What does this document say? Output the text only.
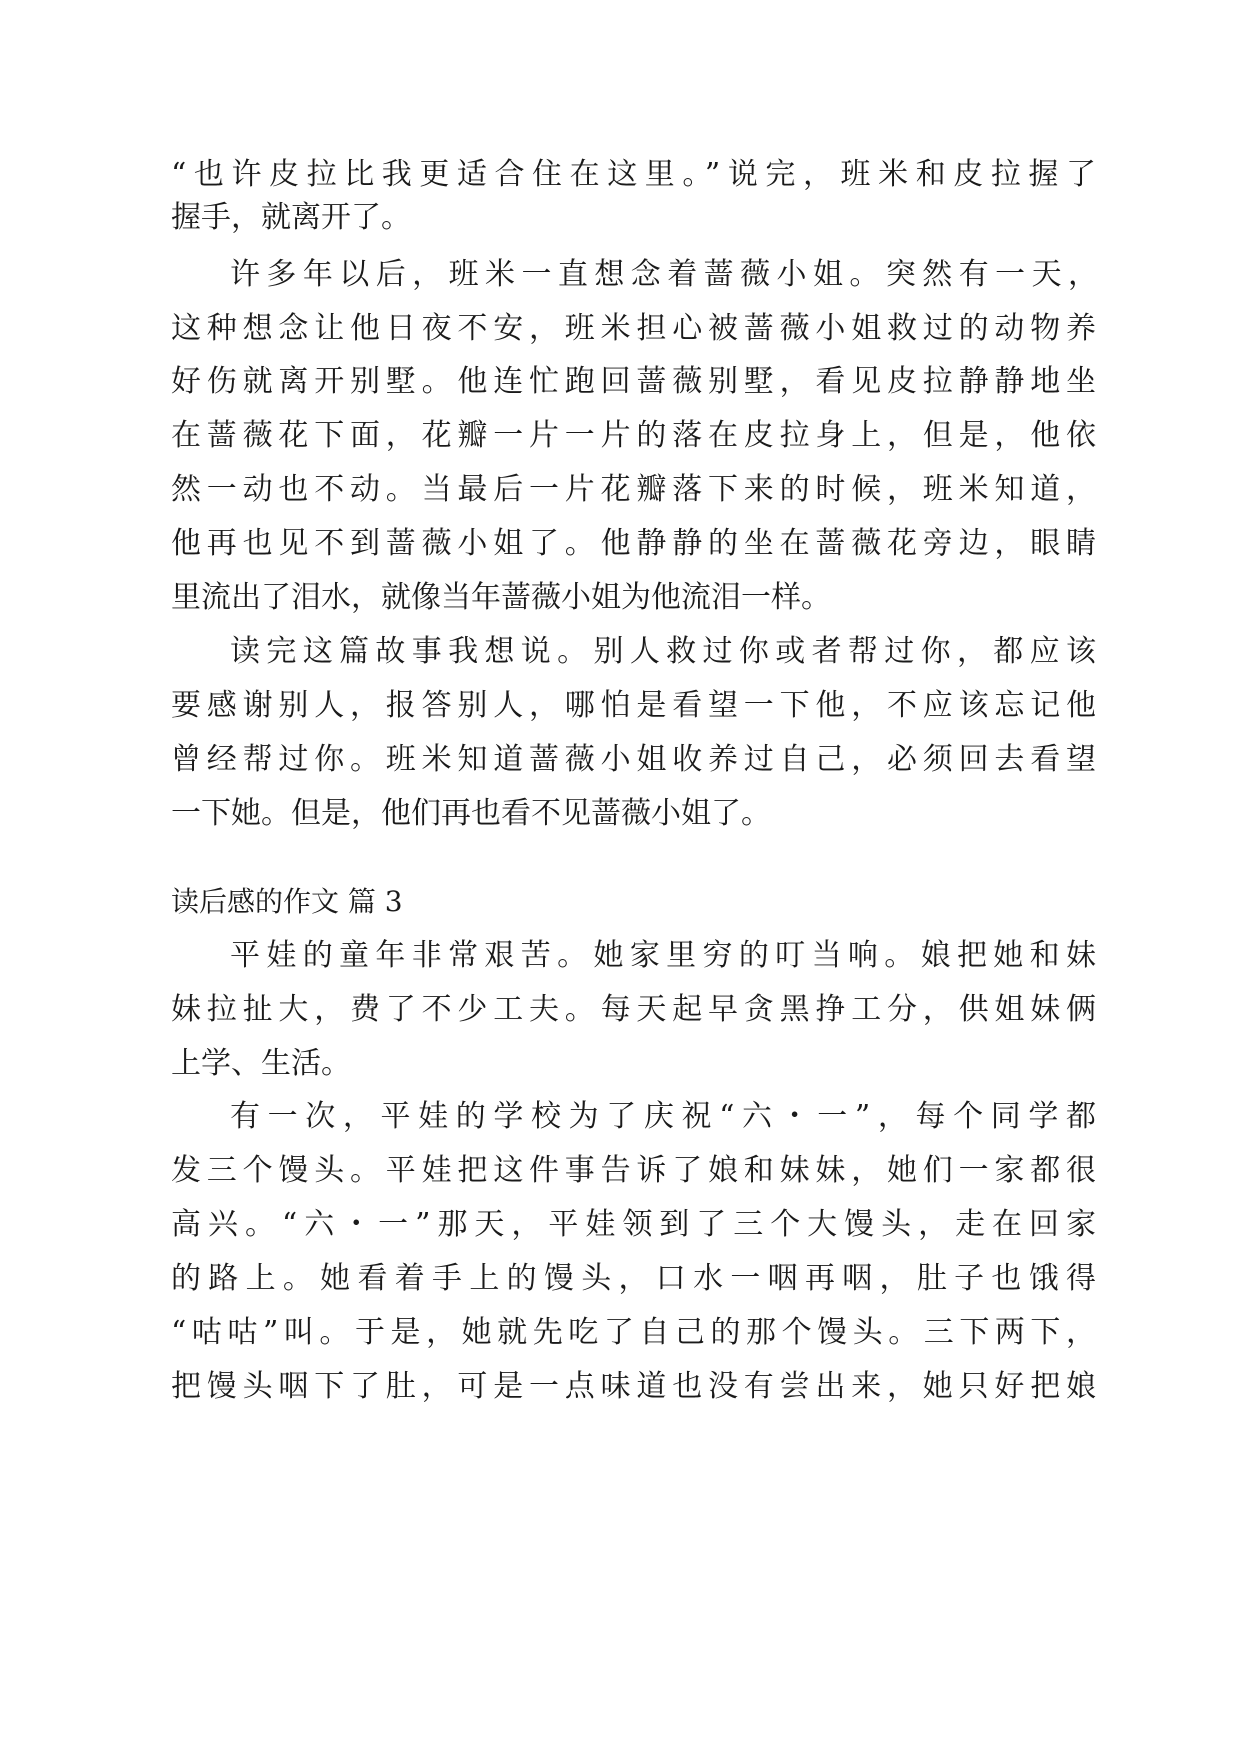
“也许皮拉比我更适合住在这里。”说完，班米和皮拉握了
握手，就离开了。
许多年以后，班米一直想念着蔷薇小姐。突然有一天，
这种想念让他日夜不安，班米担心被蔷薇小姐救过的动物养
好伤就离开别墅。他连忙跑回蔷薇别墅，看见皮拉静静地坐
在蔷薇花下面，花瓣一片一片的落在皮拉身上，但是，他依
然一动也不动。当最后一片花瓣落下来的时候，班米知道，
他再也见不到蔷薇小姐了。他静静的坐在蔷薇花旁边，眼睛
里流出了泪水，就像当年蔷薇小姐为他流泪一样。
读完这篇故事我想说。别人救过你或者帮过你，都应该
要感谢别人，报答别人，哪怕是看望一下他，不应该忘记他
曾经帮过你。班米知道蔷薇小姐收养过自己，必须回去看望
一下她。但是，他们再也看不见蔷薇小姐了。
读后感的作文 篇 3
平娃的童年非常艰苦。她家里穷的叮当响。娘把她和妹
妹拉扯大，费了不少工夫。每天起早贪黑挣工分，供姐妹俩
上学、生活。
有一次，平娃的学校为了庆祝“六・一”，每个同学都
发三个馒头。平娃把这件事告诉了娘和妹妹，她们一家都很
高兴。“六・一”那天，平娃领到了三个大馒头，走在回家
的路上。她看着手上的馒头，口水一咽再咽，肚子也饿得
“咕咕”叫。于是，她就先吃了自己的那个馒头。三下两下，
把馒头咽下了肚，可是一点味道也没有尝出来，她只好把娘
